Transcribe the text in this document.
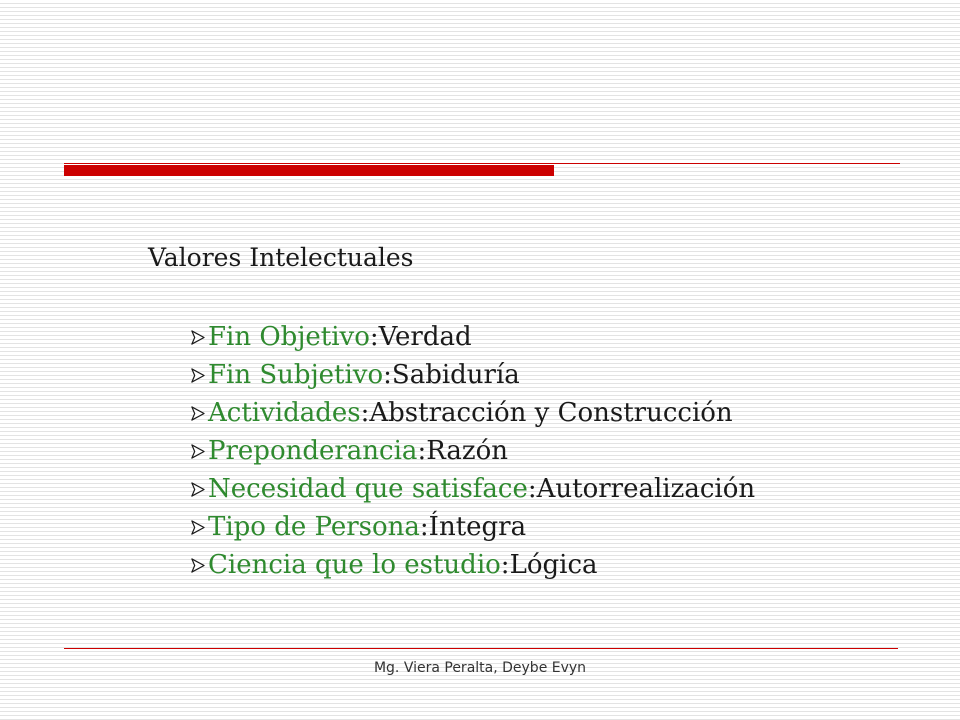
Valores Intelectuales
Fin Objetivo : Verdad
Fin Subjetivo : Sabiduría
Actividades : Abstracción y Construcción
Preponderancia : Razón
Necesidad que satisface : Autorrealización
Tipo de Persona : Íntegra
Ciencia que lo estudio : Lógica
Mg. Viera Peralta, Deybe Evyn
